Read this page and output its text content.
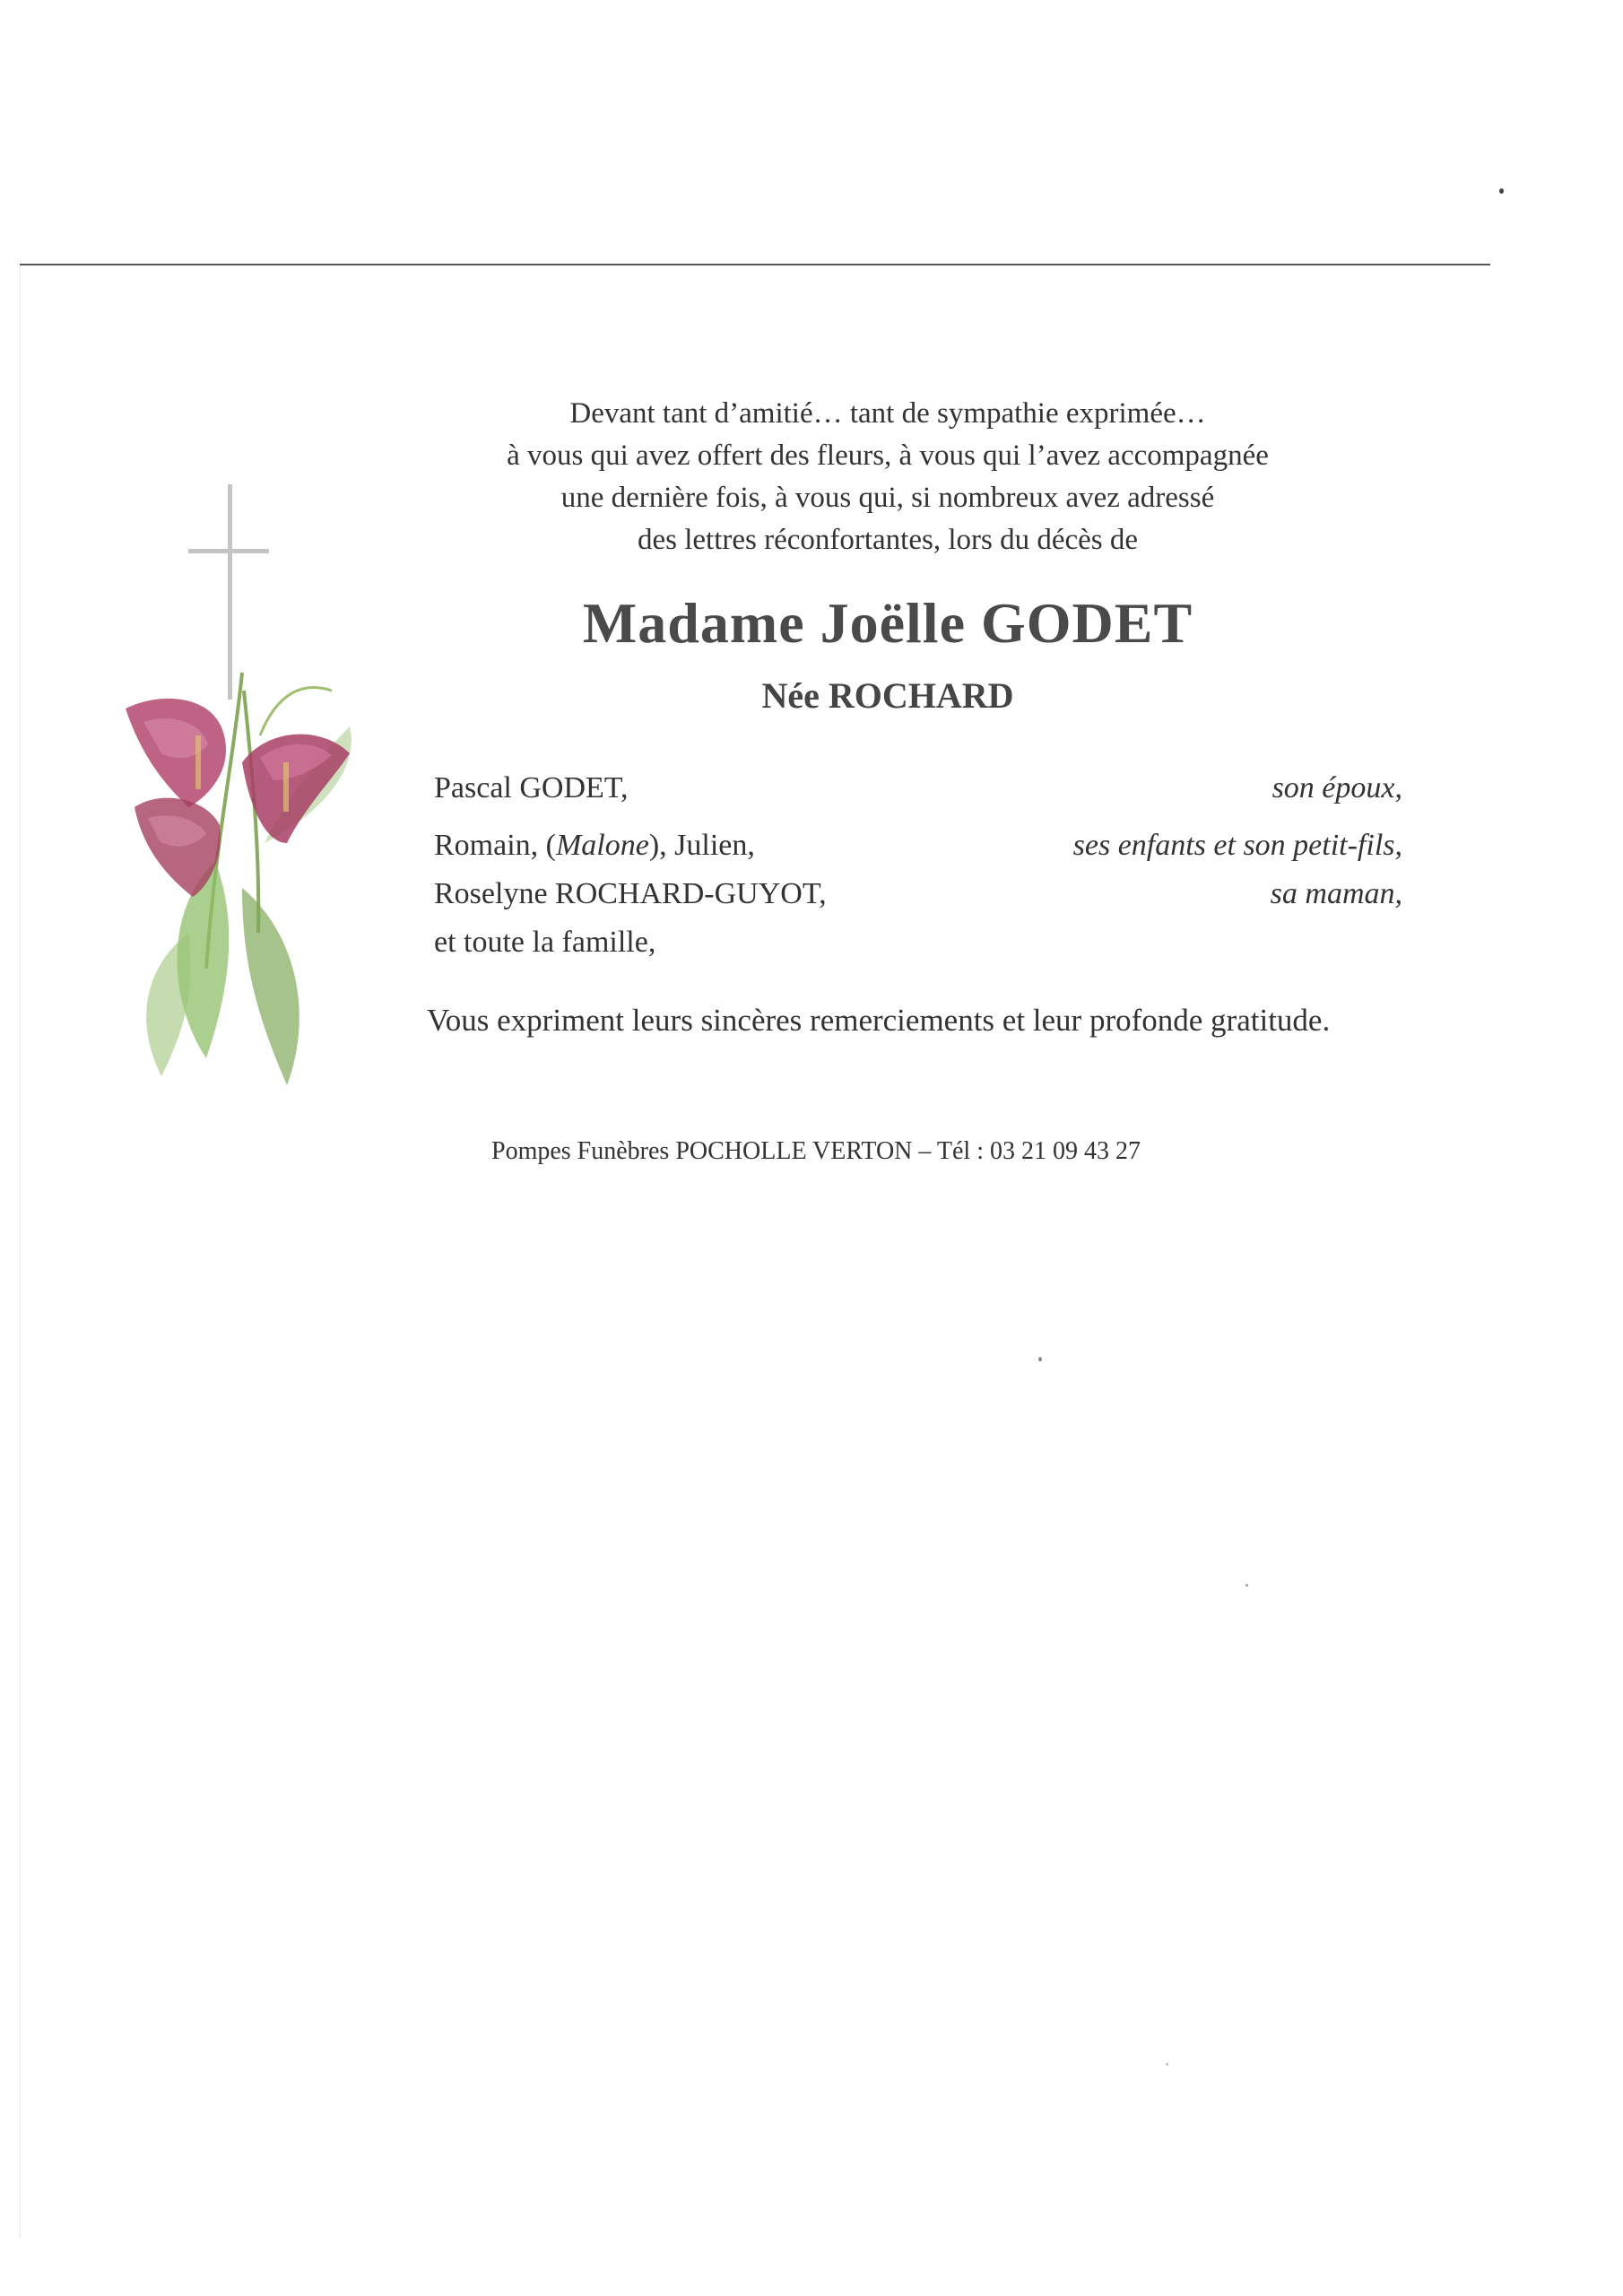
Devant tant d’amitié… tant de sympathie exprimée…
à vous qui avez offert des fleurs, à vous qui l’avez accompagnée
une dernière fois, à vous qui, si nombreux avez adressé
des lettres réconfortantes, lors du décès de
Madame Joëlle GODET
Née ROCHARD
Pascal GODET,	son époux,
Romain, (Malone), Julien,	ses enfants et son petit-fils,
Roselyne ROCHARD-GUYOT,	sa maman,
et toute la famille,
Vous expriment leurs sincères remerciements et leur profonde gratitude.
Pompes Funèbres POCHOLLE VERTON – Tél : 03 21 09 43 27
